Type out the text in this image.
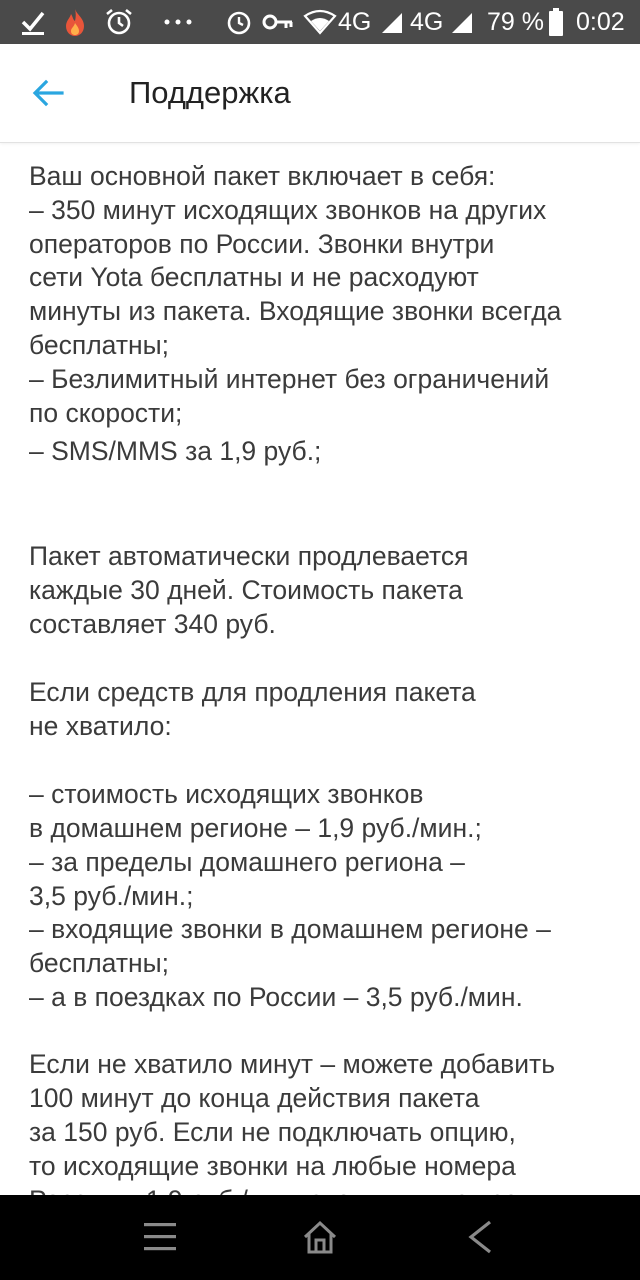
4G 4G 79 % 0:02
Поддержка
Ваш основной пакет включает в себя:
– 350 минут исходящих звонков на других
операторов по России. Звонки внутри
сети Yota бесплатны и не расходуют
минуты из пакета. Входящие звонки всегда
бесплатны;
– Безлимитный интернет без ограничений
по скорости;
– SMS/MMS за 1,9 руб.;
Пакет автоматически продлевается
каждые 30 дней. Стоимость пакета
составляет 340 руб.
Если средств для продления пакета
не хватило:
– стоимость исходящих звонков
в домашнем регионе – 1,9 руб./мин.;
– за пределы домашнего региона –
3,5 руб./мин.;
– входящие звонки в домашнем регионе –
бесплатны;
– а в поездках по России – 3,5 руб./мин.
Если не хватило минут – можете добавить
100 минут до конца действия пакета
за 150 руб. Если не подключать опцию,
то исходящие звонки на любые номера
